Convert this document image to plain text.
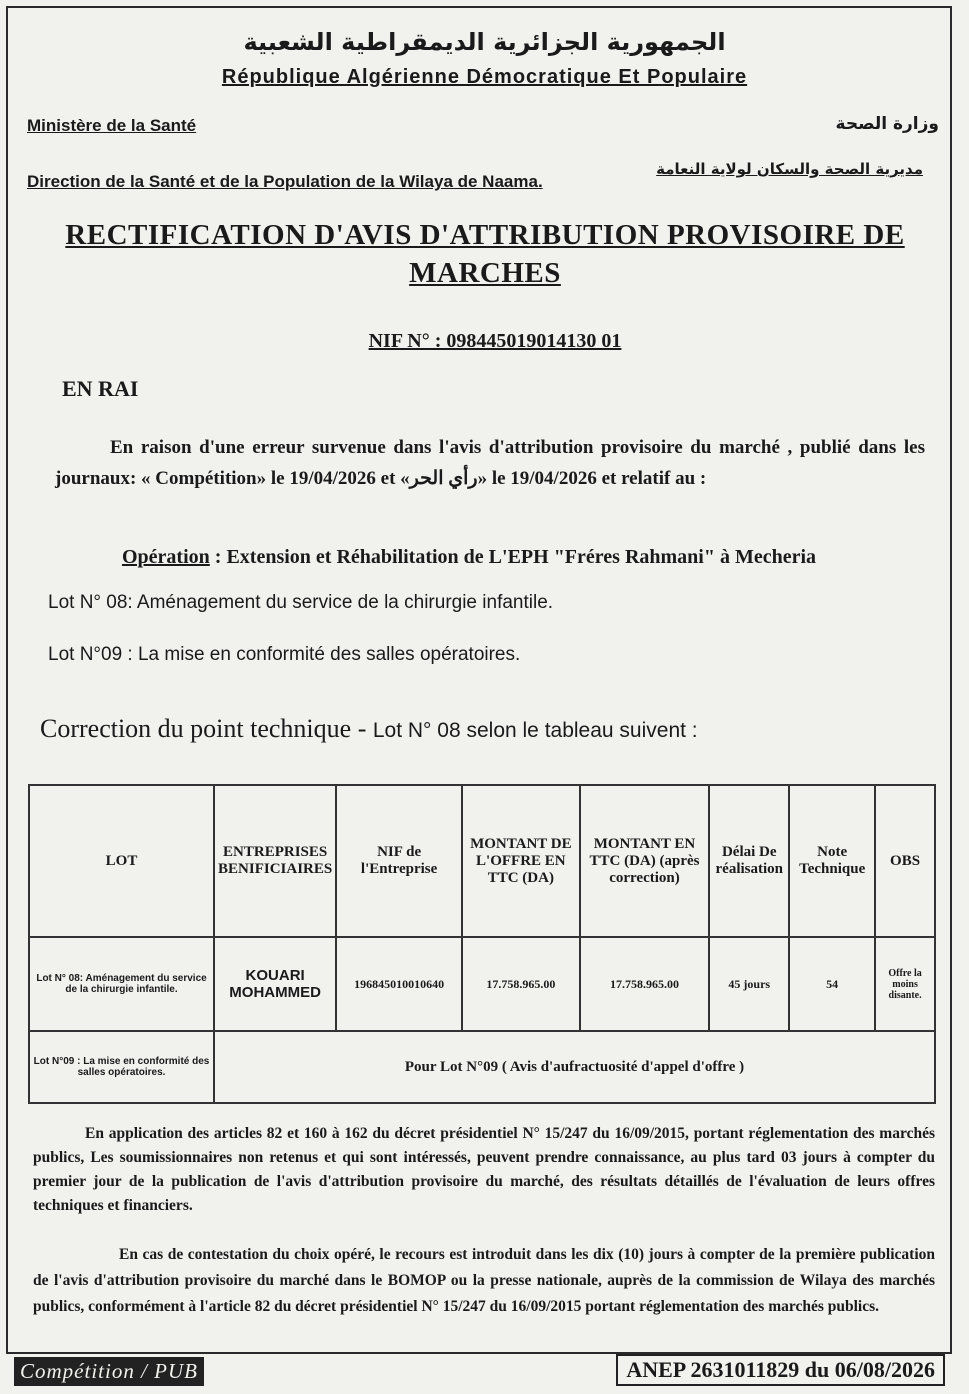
الجمهورية الجزائرية الديمقراطية الشعبية
République Algérienne Démocratique Et Populaire
Ministère de la Santé	وزارة الصحة
Direction de la Santé et de la Population de la Wilaya de Naama.
مديرية الصحة والسكان لولاية النعامة
RECTIFICATION D'AVIS D'ATTRIBUTION PROVISOIRE DE MARCHES
NIF N° : 098445019014130 01
EN RAI
En raison d'une erreur survenue dans l'avis d'attribution provisoire du marché , publié dans les journaux: « Compétition» le 19/04/2026 et «رأي الحر» le 19/04/2026 et relatif au :
Opération : Extension et Réhabilitation de L'EPH "Fréres Rahmani" à Mecheria
Lot N° 08: Aménagement du service de la chirurgie infantile.
Lot N°09 : La mise en conformité des salles opératoires.
Correction du point technique - Lot N° 08 selon le tableau suivent :
LOT	ENTREPRISES BENIFICIAIRES	NIF de l'Entreprise	MONTANT DE L'OFFRE EN TTC (DA)	MONTANT EN TTC (DA) (après correction)	Délai De réalisation	Note Technique	OBS
Lot N° 08: Aménagement du service de la chirurgie infantile.	KOUARI MOHAMMED	196845010010640	17.758.965.00	17.758.965.00	45 jours	54	Offre la moins disante.
Lot N°09 : La mise en conformité des salles opératoires.	Pour Lot N°09 ( Avis d'aufractuosité d'appel d'offre )						
En application des articles 82 et 160 à 162 du décret présidentiel N° 15/247 du 16/09/2015, portant réglementation des marchés publics, Les soumissionnaires non retenus et qui sont intéressés, peuvent prendre connaissance, au plus tard 03 jours à compter du premier jour de la publication de l'avis d'attribution provisoire du marché, des résultats détaillés de l'évaluation de leurs offres techniques et financiers.
En cas de contestation du choix opéré, le recours est introduit dans les dix (10) jours à compter de la première publication de l'avis d'attribution provisoire du marché dans le BOMOP ou la presse nationale, auprès de la commission de Wilaya des marchés publics, conformément à l'article 82 du décret présidentiel N° 15/247 du 16/09/2015 portant réglementation des marchés publics.
Compétition / PUB	ANEP 2631011829 du 06/08/2026
